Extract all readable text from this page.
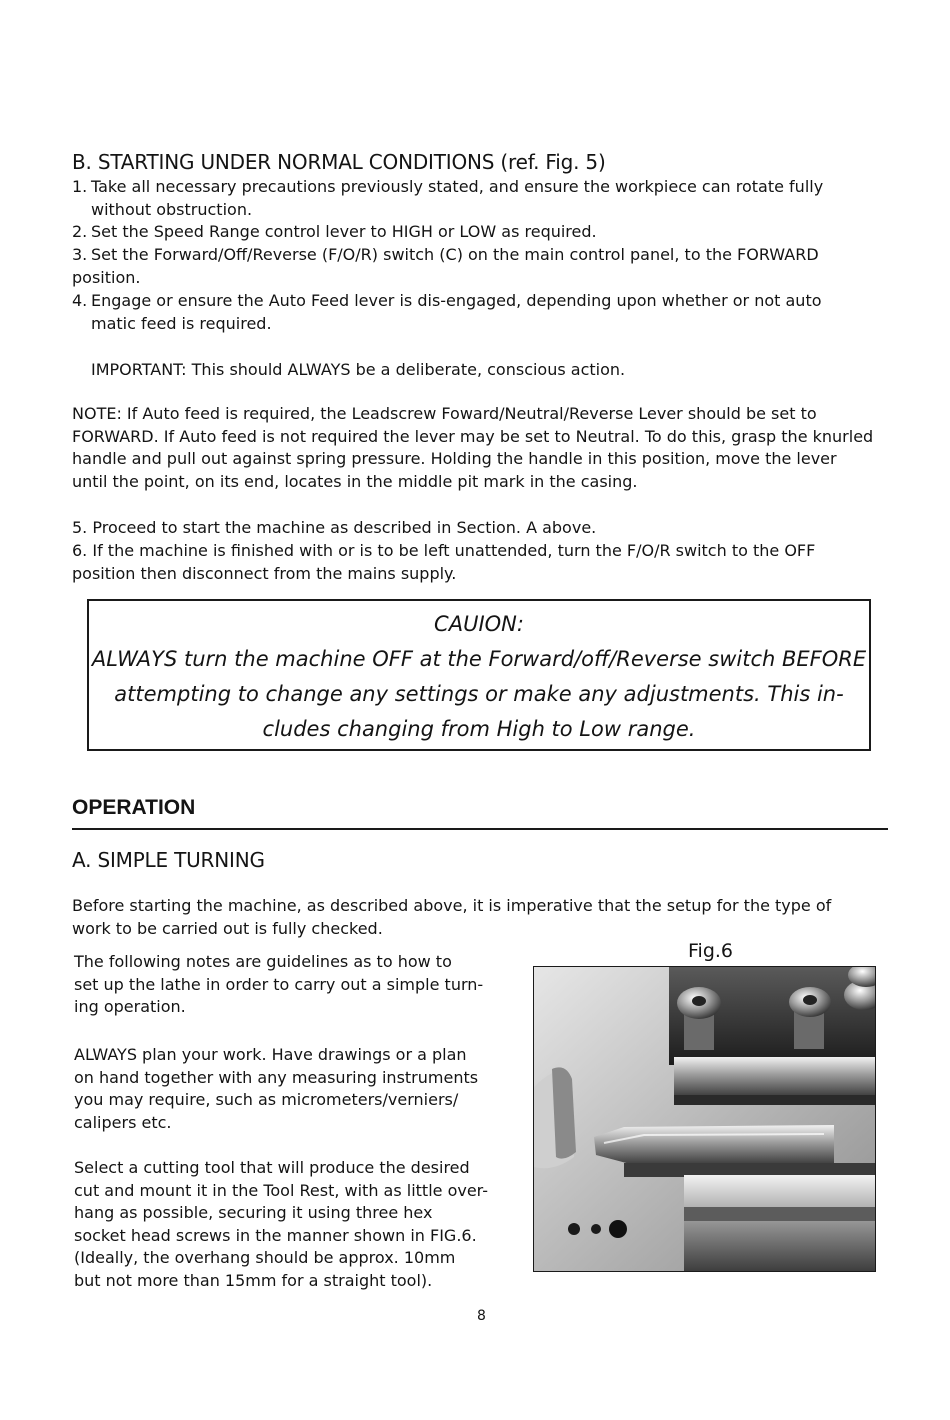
B. STARTING UNDER NORMAL CONDITIONS (ref. Fig. 5)
1. Take all necessary precautions previously stated, and ensure the workpiece can rotate fully
without obstruction.
2. Set the Speed Range control lever to HIGH or LOW as required.
3. Set the Forward/Off/Reverse (F/O/R) switch (C) on the main control panel, to the FORWARD
position.
4. Engage or ensure the Auto Feed lever is dis-engaged, depending upon whether or not auto
matic feed is required.
IMPORTANT: This should ALWAYS be a deliberate, conscious action.
NOTE: If Auto feed is required, the Leadscrew Foward/Neutral/Reverse Lever should be set to
FORWARD. If Auto feed is not required the lever may be set to Neutral. To do this, grasp the knurled
handle and pull out against spring pressure. Holding the handle in this position, move the lever
until the point, on its end, locates in the middle pit mark in the casing.
5. Proceed to start the machine as described in Section. A above.
6. If the machine is finished with or is to be left unattended, turn the F/O/R switch to the OFF
position then disconnect from the mains supply.
CAUION:
ALWAYS turn the machine OFF at the Forward/off/Reverse switch BEFORE
attempting to change any settings or make any adjustments. This in-
cludes changing from High to Low range.
OPERATION
A. SIMPLE TURNING
Before starting the machine, as described above, it is imperative that the setup for the type of
work to be carried out is fully checked.
The following notes are guidelines as to how to
set up the lathe in order to carry out a simple turn-
ing operation.
ALWAYS plan your work. Have drawings or a plan
on hand together with any measuring instruments
you may require, such as micrometers/verniers/
calipers etc.
Select a cutting tool that will produce the desired
cut and mount it in the Tool Rest, with as little over-
hang as possible, securing it using three hex
socket head screws in the manner shown in FIG.6.
(Ideally, the overhang should be approx. 10mm
but not more than 15mm for a straight tool).
Fig.6
8
